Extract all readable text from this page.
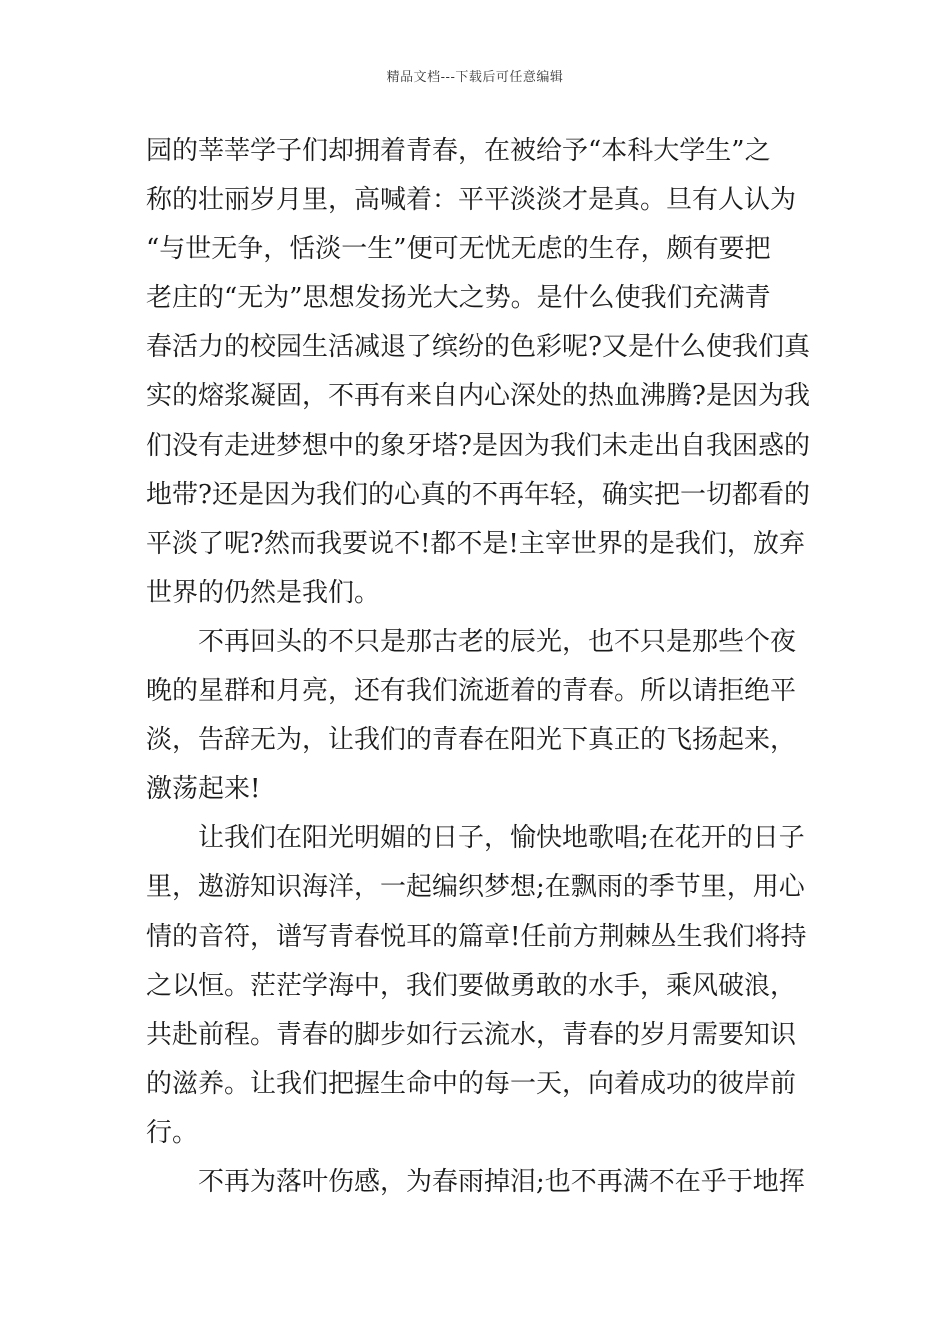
精品文档---下载后可任意编辑
园的莘莘学子们却拥着青春，在被给予“本科大学生”之
称的壮丽岁月里，高喊着：平平淡淡才是真。旦有人认为
“与世无争，恬淡一生”便可无忧无虑的生存，颇有要把
老庄的“无为”思想发扬光大之势。是什么使我们充满青
春活力的校园生活减退了缤纷的色彩呢?又是什么使我们真
实的熔浆凝固，不再有来自内心深处的热血沸腾?是因为我
们没有走进梦想中的象牙塔?是因为我们未走出自我困惑的
地带?还是因为我们的心真的不再年轻，确实把一切都看的
平淡了呢?然而我要说不!都不是!主宰世界的是我们，放弃
世界的仍然是我们。
　　不再回头的不只是那古老的辰光，也不只是那些个夜
晚的星群和月亮，还有我们流逝着的青春。所以请拒绝平
淡，告辞无为，让我们的青春在阳光下真正的飞扬起来，
激荡起来!
　　让我们在阳光明媚的日子，愉快地歌唱;在花开的日子
里，遨游知识海洋，一起编织梦想;在飘雨的季节里，用心
情的音符，谱写青春悦耳的篇章!任前方荆棘丛生我们将持
之以恒。茫茫学海中，我们要做勇敢的水手，乘风破浪，
共赴前程。青春的脚步如行云流水，青春的岁月需要知识
的滋养。让我们把握生命中的每一天，向着成功的彼岸前
行。
　　不再为落叶伤感，为春雨掉泪;也不再满不在乎于地挥
